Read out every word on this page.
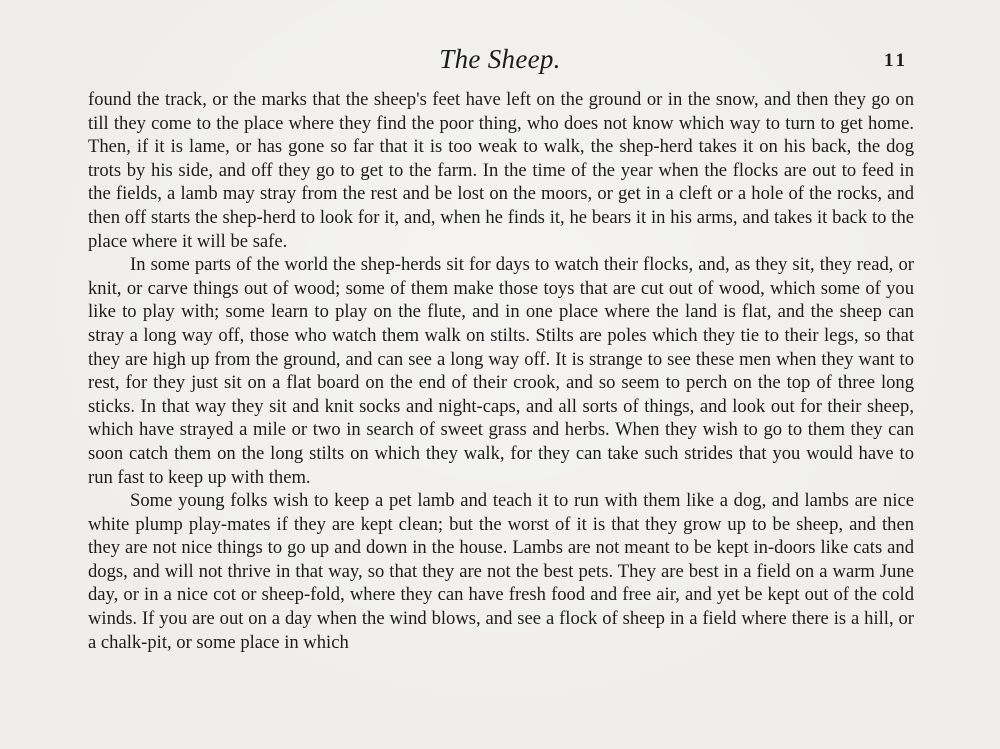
The Sheep.	11

found the track, or the marks that the sheep's feet have left on the ground or in the snow, and then they go on till they come to the place where they find the poor thing, who does not know which way to turn to get home. Then, if it is lame, or has gone so far that it is too weak to walk, the shep-herd takes it on his back, the dog trots by his side, and off they go to get to the farm. In the time of the year when the flocks are out to feed in the fields, a lamb may stray from the rest and be lost on the moors, or get in a cleft or a hole of the rocks, and then off starts the shep-herd to look for it, and, when he finds it, he bears it in his arms, and takes it back to the place where it will be safe.

In some parts of the world the shep-herds sit for days to watch their flocks, and, as they sit, they read, or knit, or carve things out of wood; some of them make those toys that are cut out of wood, which some of you like to play with; some learn to play on the flute, and in one place where the land is flat, and the sheep can stray a long way off, those who watch them walk on stilts. Stilts are poles which they tie to their legs, so that they are high up from the ground, and can see a long way off. It is strange to see these men when they want to rest, for they just sit on a flat board on the end of their crook, and so seem to perch on the top of three long sticks. In that way they sit and knit socks and night-caps, and all sorts of things, and look out for their sheep, which have strayed a mile or two in search of sweet grass and herbs. When they wish to go to them they can soon catch them on the long stilts on which they walk, for they can take such strides that you would have to run fast to keep up with them.

Some young folks wish to keep a pet lamb and teach it to run with them like a dog, and lambs are nice white plump play-mates if they are kept clean; but the worst of it is that they grow up to be sheep, and then they are not nice things to go up and down in the house. Lambs are not meant to be kept in-doors like cats and dogs, and will not thrive in that way, so that they are not the best pets. They are best in a field on a warm June day, or in a nice cot or sheep-fold, where they can have fresh food and free air, and yet be kept out of the cold winds. If you are out on a day when the wind blows, and see a flock of sheep in a field where there is a hill, or a chalk-pit, or some place in which
